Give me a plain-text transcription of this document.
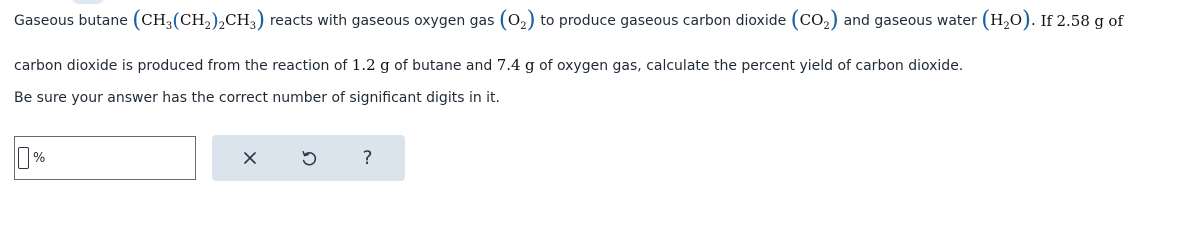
Gaseous butane $(CH_3(CH_2)_2CH_3)$ reacts with gaseous oxygen gas $(O_2)$ to produce gaseous carbon dioxide $(CO_2)$ and gaseous water $(H_2O)$. If 2.58 g of
carbon dioxide is produced from the reaction of 1.2 g of butane and 7.4 g of oxygen gas, calculate the percent yield of carbon dioxide.
Be sure your answer has the correct number of significant digits in it.
%	?
